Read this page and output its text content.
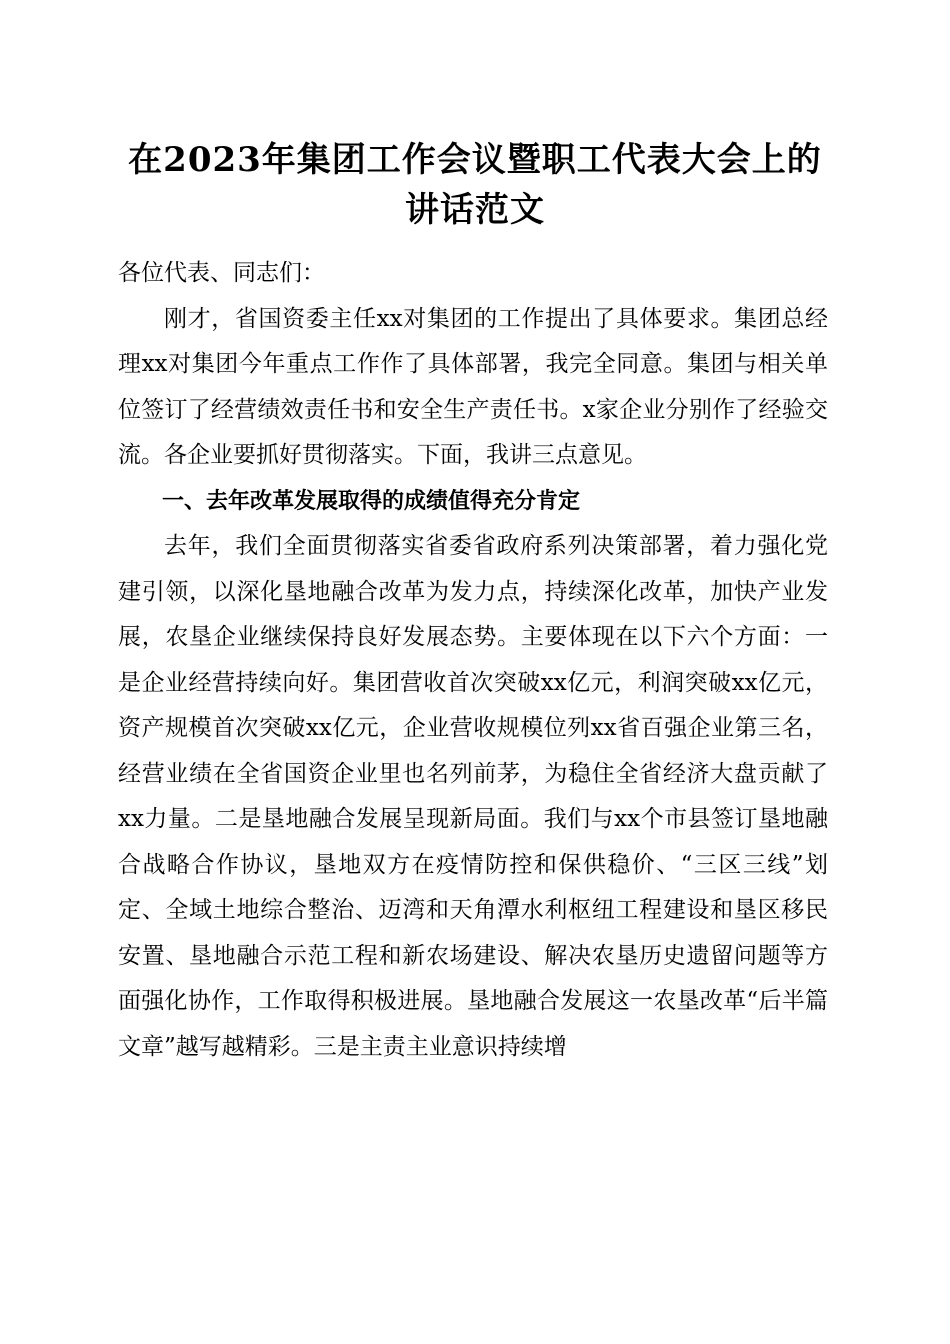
在2023年集团工作会议暨职工代表大会上的
讲话范文

各位代表、同志们：

刚才，省国资委主任xx对集团的工作提出了具体要求。集团总经理xx对集团今年重点工作作了具体部署，我完全同意。集团与相关单位签订了经营绩效责任书和安全生产责任书。x家企业分别作了经验交流。各企业要抓好贯彻落实。下面，我讲三点意见。

一、去年改革发展取得的成绩值得充分肯定

去年，我们全面贯彻落实省委省政府系列决策部署，着力强化党建引领，以深化垦地融合改革为发力点，持续深化改革，加快产业发展，农垦企业继续保持良好发展态势。主要体现在以下六个方面：一是企业经营持续向好。集团营收首次突破xx亿元，利润突破xx亿元，资产规模首次突破xx亿元，企业营收规模位列xx省百强企业第三名，经营业绩在全省国资企业里也名列前茅，为稳住全省经济大盘贡献了xx力量。二是垦地融合发展呈现新局面。我们与xx个市县签订垦地融合战略合作协议，垦地双方在疫情防控和保供稳价、“三区三线”划定、全域土地综合整治、迈湾和天角潭水利枢纽工程建设和垦区移民安置、垦地融合示范工程和新农场建设、解决农垦历史遗留问题等方面强化协作，工作取得积极进展。垦地融合发展这一农垦改革“后半篇文章”越写越精彩。三是主责主业意识持续增
